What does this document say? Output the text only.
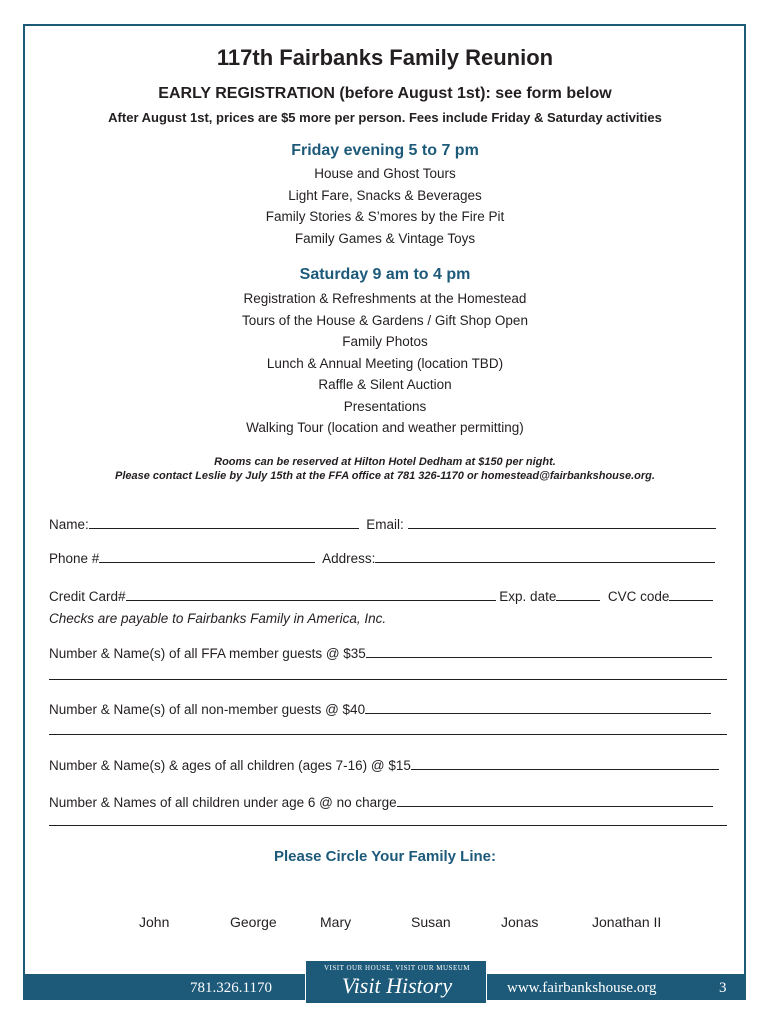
117th Fairbanks Family Reunion
EARLY REGISTRATION (before August 1st): see form below
After August 1st, prices are $5 more per person. Fees include Friday & Saturday activities
Friday evening 5 to 7 pm
House and Ghost Tours
Light Fare, Snacks & Beverages
Family Stories & S’mores by the Fire Pit
Family Games & Vintage Toys
Saturday 9 am to 4 pm
Registration & Refreshments at the Homestead
Tours of the House & Gardens / Gift Shop Open
Family Photos
Lunch & Annual Meeting (location TBD)
Raffle & Silent Auction
Presentations
Walking Tour (location and weather permitting)
Rooms can be reserved at Hilton Hotel Dedham at $150 per night.
Please contact Leslie by July 15th at the FFA office at 781 326-1170 or homestead@fairbankshouse.org.
Name:	Email:
Phone #	Address:
Credit Card#	Exp. date	CVC code
Checks are payable to Fairbanks Family in America, Inc.
Number & Name(s) of all FFA member guests @ $35
Number & Name(s) of all non-member guests @ $40
Number & Name(s) & ages of all children (ages 7-16) @ $15
Number & Names of all children under age 6 @ no charge
Please Circle Your Family Line:
John	George	Mary	Susan	Jonas	Jonathan II
781.326.1170
VISIT OUR HOUSE, VISIT OUR MUSEUM
Visit History	www.fairbankshouse.org	3
